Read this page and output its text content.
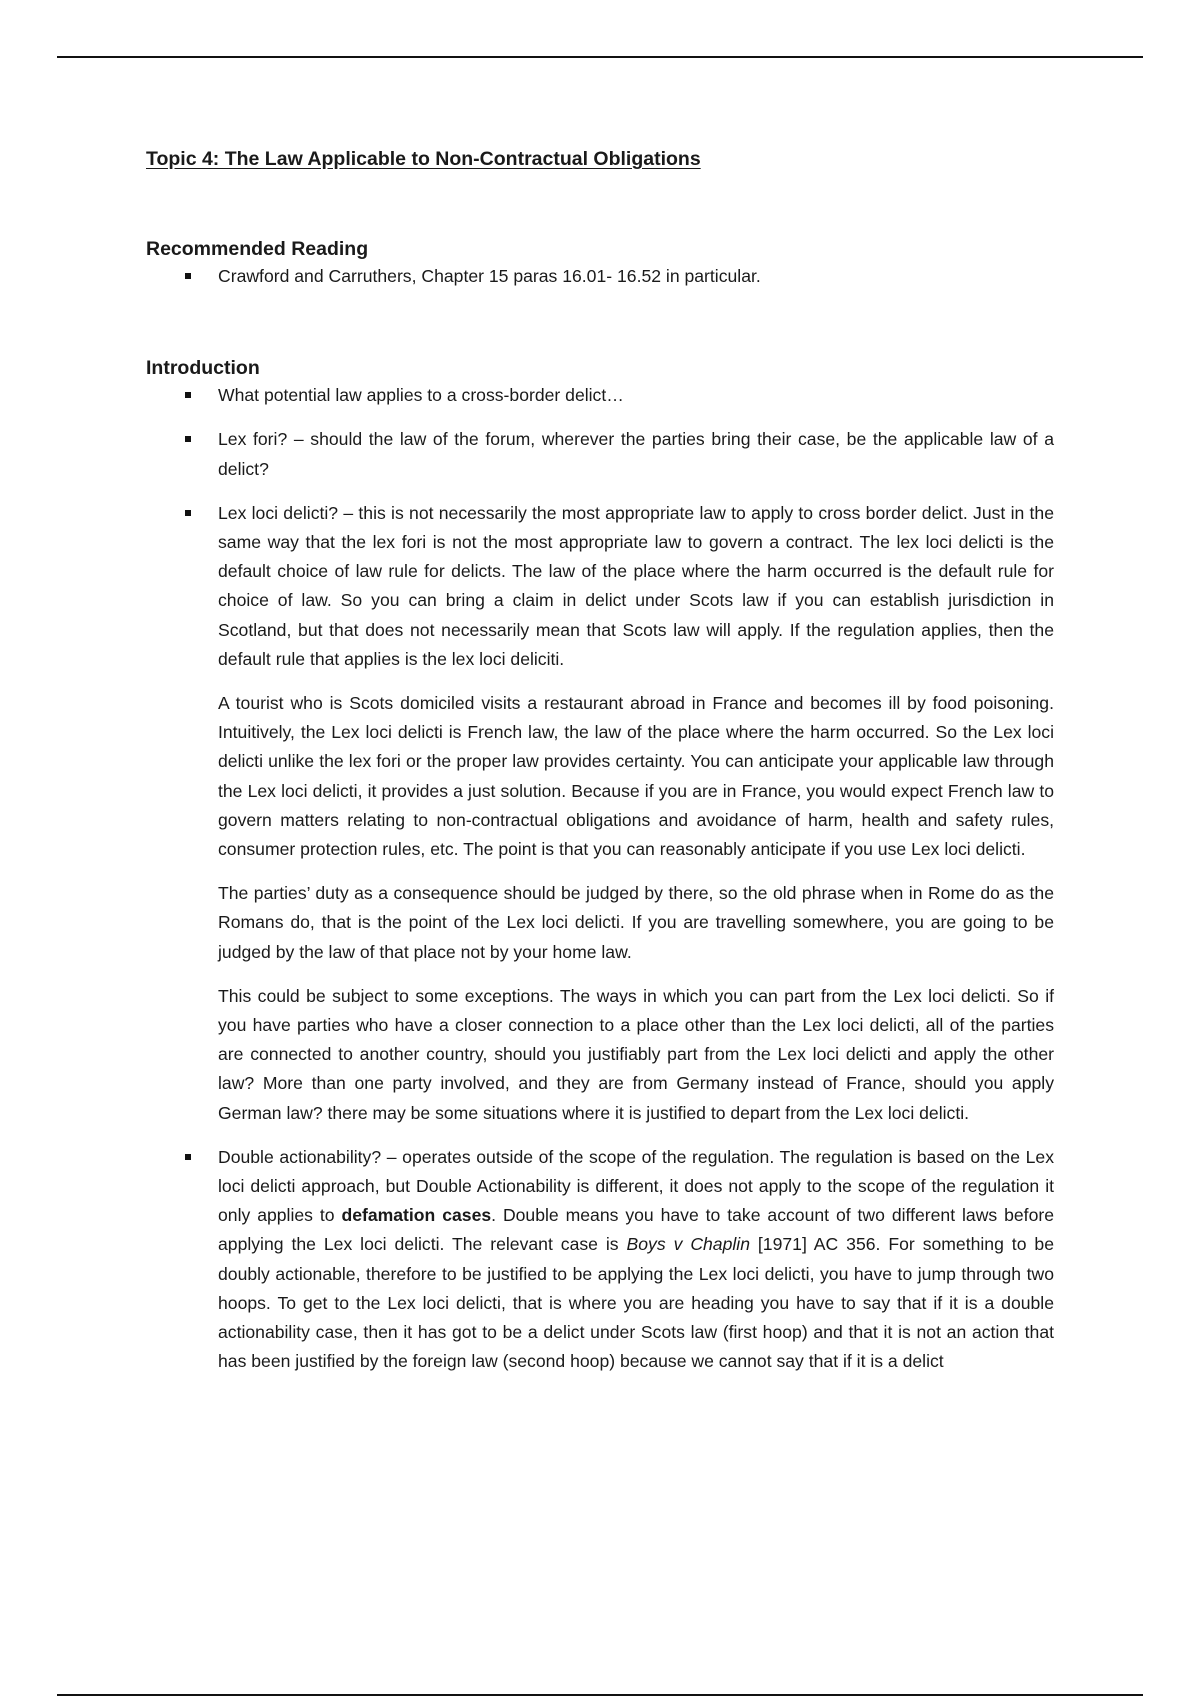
Topic 4: The Law Applicable to Non-Contractual Obligations
Recommended Reading
Crawford and Carruthers, Chapter 15 paras 16.01- 16.52 in particular.
Introduction
What potential law applies to a cross-border delict…
Lex fori? – should the law of the forum, wherever the parties bring their case, be the applicable law of a delict?

Lex loci delicti? – this is not necessarily the most appropriate law to apply to cross border delict. Just in the same way that the lex fori is not the most appropriate law to govern a contract. The lex loci delicti is the default choice of law rule for delicts. The law of the place where the harm occurred is the default rule for choice of law. So you can bring a claim in delict under Scots law if you can establish jurisdiction in Scotland, but that does not necessarily mean that Scots law will apply. If the regulation applies, then the default rule that applies is the lex loci deliciti.

A tourist who is Scots domiciled visits a restaurant abroad in France and becomes ill by food poisoning. Intuitively, the Lex loci delicti is French law, the law of the place where the harm occurred. So the Lex loci delicti unlike the lex fori or the proper law provides certainty. You can anticipate your applicable law through the Lex loci delicti, it provides a just solution. Because if you are in France, you would expect French law to govern matters relating to non-contractual obligations and avoidance of harm, health and safety rules, consumer protection rules, etc. The point is that you can reasonably anticipate if you use Lex loci delicti.

The parties’ duty as a consequence should be judged by there, so the old phrase when in Rome do as the Romans do, that is the point of the Lex loci delicti. If you are travelling somewhere, you are going to be judged by the law of that place not by your home law.

This could be subject to some exceptions. The ways in which you can part from the Lex loci delicti. So if you have parties who have a closer connection to a place other than the Lex loci delicti, all of the parties are connected to another country, should you justifiably part from the Lex loci delicti and apply the other law? More than one party involved, and they are from Germany instead of France, should you apply German law? there may be some situations where it is justified to depart from the Lex loci delicti.

Double actionability? – operates outside of the scope of the regulation. The regulation is based on the Lex loci delicti approach, but Double Actionability is different, it does not apply to the scope of the regulation it only applies to defamation cases. Double means you have to take account of two different laws before applying the Lex loci delicti. The relevant case is Boys v Chaplin [1971] AC 356. For something to be doubly actionable, therefore to be justified to be applying the Lex loci delicti, you have to jump through two hoops. To get to the Lex loci delicti, that is where you are heading you have to say that if it is a double actionability case, then it has got to be a delict under Scots law (first hoop) and that it is not an action that has been justified by the foreign law (second hoop) because we cannot say that if it is a delict
